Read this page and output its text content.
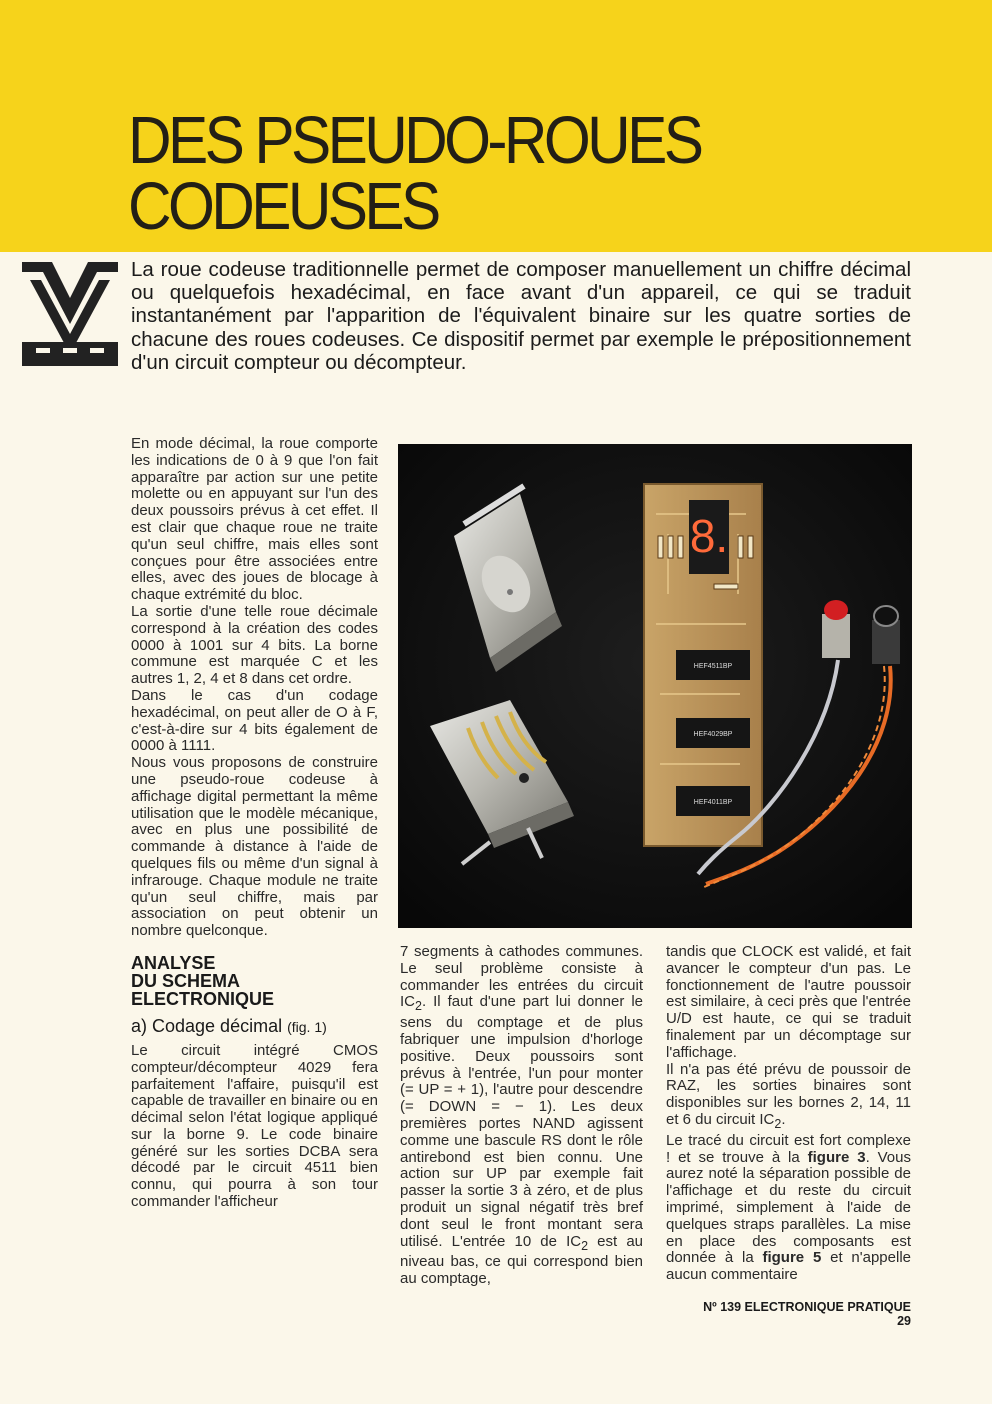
DES PSEUDO-ROUES
CODEUSES

La roue codeuse traditionnelle permet de composer manuellement un chiffre décimal ou quelquefois hexadécimal, en face avant d'un appareil, ce qui se traduit instantanément par l'apparition de l'équivalent binaire sur les quatre sorties de chacune des roues codeuses. Ce dispositif permet par exemple le prépositionnement d'un circuit compteur ou décompteur.

En mode décimal, la roue comporte les indications de 0 à 9 que l'on fait apparaître par action sur une petite molette ou en appuyant sur l'un des deux poussoirs prévus à cet effet. Il est clair que chaque roue ne traite qu'un seul chiffre, mais elles sont conçues pour être associées entre elles, avec des joues de blocage à chaque extrémité du bloc.

La sortie d'une telle roue décimale correspond à la création des codes 0000 à 1001 sur 4 bits. La borne commune est marquée C et les autres 1, 2, 4 et 8 dans cet ordre.

Dans le cas d'un codage hexadécimal, on peut aller de O à F, c'est-à-dire sur 4 bits également de 0000 à 1111.

Nous vous proposons de construire une pseudo-roue codeuse à affichage digital permettant la même utilisation que le modèle mécanique, avec en plus une possibilité de commande à distance à l'aide de quelques fils ou même d'un signal à infrarouge. Chaque module ne traite qu'un seul chiffre, mais par association on peut obtenir un nombre quelconque.

ANALYSE
DU SCHEMA
ELECTRONIQUE
a) Codage décimal (fig. 1)

Le circuit intégré CMOS compteur/décompteur 4029 fera parfaitement l'affaire, puisqu'il est capable de travailler en binaire ou en décimal selon l'état logique appliqué sur la borne 9. Le code binaire généré sur les sorties DCBA sera décodé par le circuit 4511 bien connu, qui pourra à son tour commander l'afficheur

8.
HEF4511BP
HEF4029BP
HEF4011BP

7 segments à cathodes communes. Le seul problème consiste à commander les entrées du circuit $IC_2$. Il faut d'une part lui donner le sens du comptage et de plus fabriquer une impulsion d'horloge positive. Deux poussoirs sont prévus à l'entrée, l'un pour monter (= UP = + 1), l'autre pour descendre (= DOWN = − 1). Les deux premières portes NAND agissent comme une bascule RS dont le rôle antirebond est bien connu. Une action sur UP par exemple fait passer la sortie 3 à zéro, et de plus produit un signal négatif très bref dont seul le front montant sera utilisé. L'entrée 10 de $IC_2$ est au niveau bas, ce qui correspond bien au comptage,

tandis que CLOCK est validé, et fait avancer le compteur d'un pas. Le fonctionnement de l'autre poussoir est similaire, à ceci près que l'entrée U/D est haute, ce qui se traduit finalement par un décomptage sur l'affichage.

Il n'a pas été prévu de poussoir de RAZ, les sorties binaires sont disponibles sur les bornes 2, 14, 11 et 6 du circuit $IC_2$.

Le tracé du circuit est fort complexe ! et se trouve à la figure 3. Vous aurez noté la séparation possible de l'affichage et du reste du circuit imprimé, simplement à l'aide de quelques straps parallèles. La mise en place des composants est donnée à la figure 5 et n'appelle aucun commentaire

Nº 139 ELECTRONIQUE PRATIQUE 29
